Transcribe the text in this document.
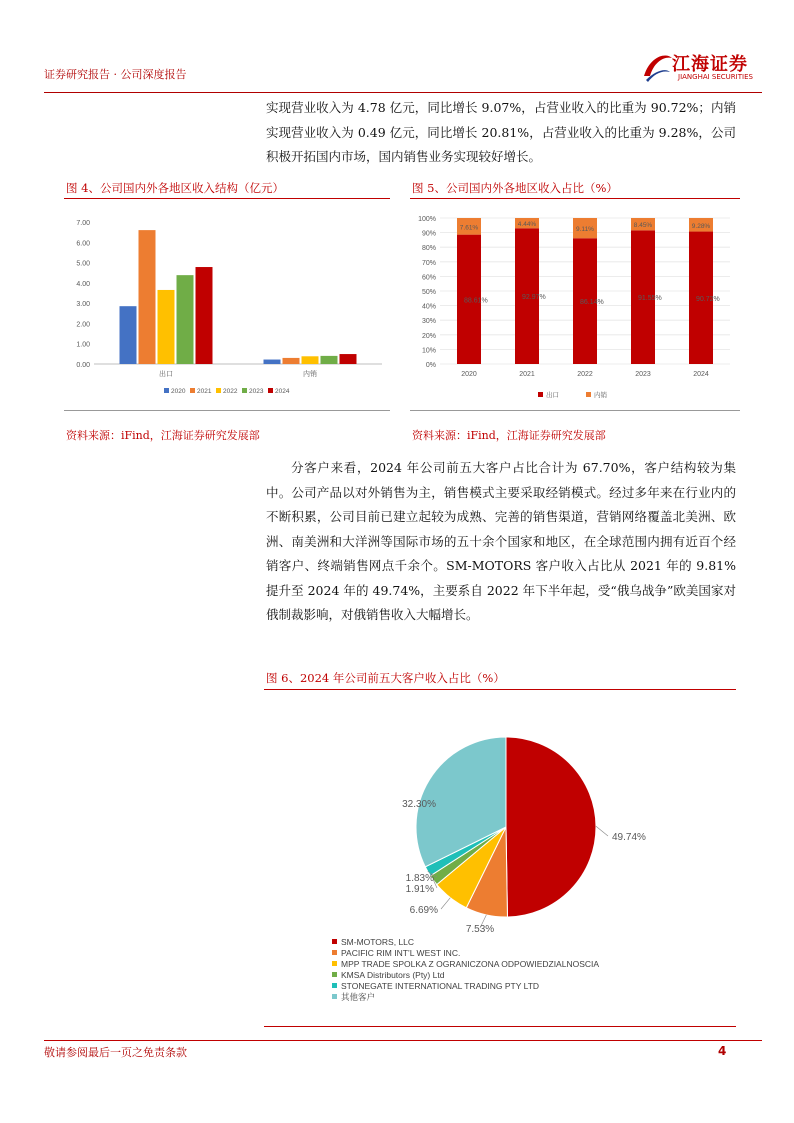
证券研究报告 · 公司深度报告	江海证券
JIANGHAI SECURITIES

实现营业收入为 4.78 亿元，同比增长 9.07%，占营业收入的比重为 90.72%；内销实现营业收入为 0.49 亿元，同比增长 20.81%，占营业收入的比重为 9.28%，公司积极开拓国内市场，国内销售业务实现较好增长。

图 4、公司国内外各地区收入结构（亿元）
0.00
1.00
2.00
3.00
4.00
5.00
6.00
7.00
出口	内销
2020 2021 2022 2023 2024
资料来源：iFind，江海证券研究发展部
图 5、公司国内外各地区收入占比（%）
0%
10%
20%
30%
40%
50%
60%
70%
80%
90%
100%
88.61%
7.61%
2020
92.97%
4.44%
2021
86.14%
9.11%
2022
91.55%
8.45%
2023
90.72%
9.28%
2024
出口	内销
资料来源：iFind，江海证券研究发展部

分客户来看，2024 年公司前五大客户占比合计为 67.70%，客户结构较为集中。公司产品以对外销售为主，销售模式主要采取经销模式。经过多年来在行业内的不断积累，公司目前已建立起较为成熟、完善的销售渠道，营销网络覆盖北美洲、欧洲、南美洲和大洋洲等国际市场的五十余个国家和地区，在全球范围内拥有近百个经销客户、终端销售网点千余个。SM-MOTORS 客户收入占比从 2021 年的 9.81%提升至 2024 年的 49.74%，主要系自 2022 年下半年起，受“俄乌战争”欧美国家对俄制裁影响，对俄销售收入大幅增长。

图 6、2024 年公司前五大客户收入占比（%）
49.74%
7.53%
6.69%
1.91%
1.83%
32.30%
SM-MOTORS, LLC
PACIFIC RIM INT’L WEST INC.
MPP TRADE SPOLKA Z OGRANICZONA ODPOWIEDZIALNOSCIA
KMSA Distributors (Pty) Ltd
STONEGATE INTERNATIONAL TRADING PTY LTD
其他客户
敬请参阅最后一页之免责条款	4
